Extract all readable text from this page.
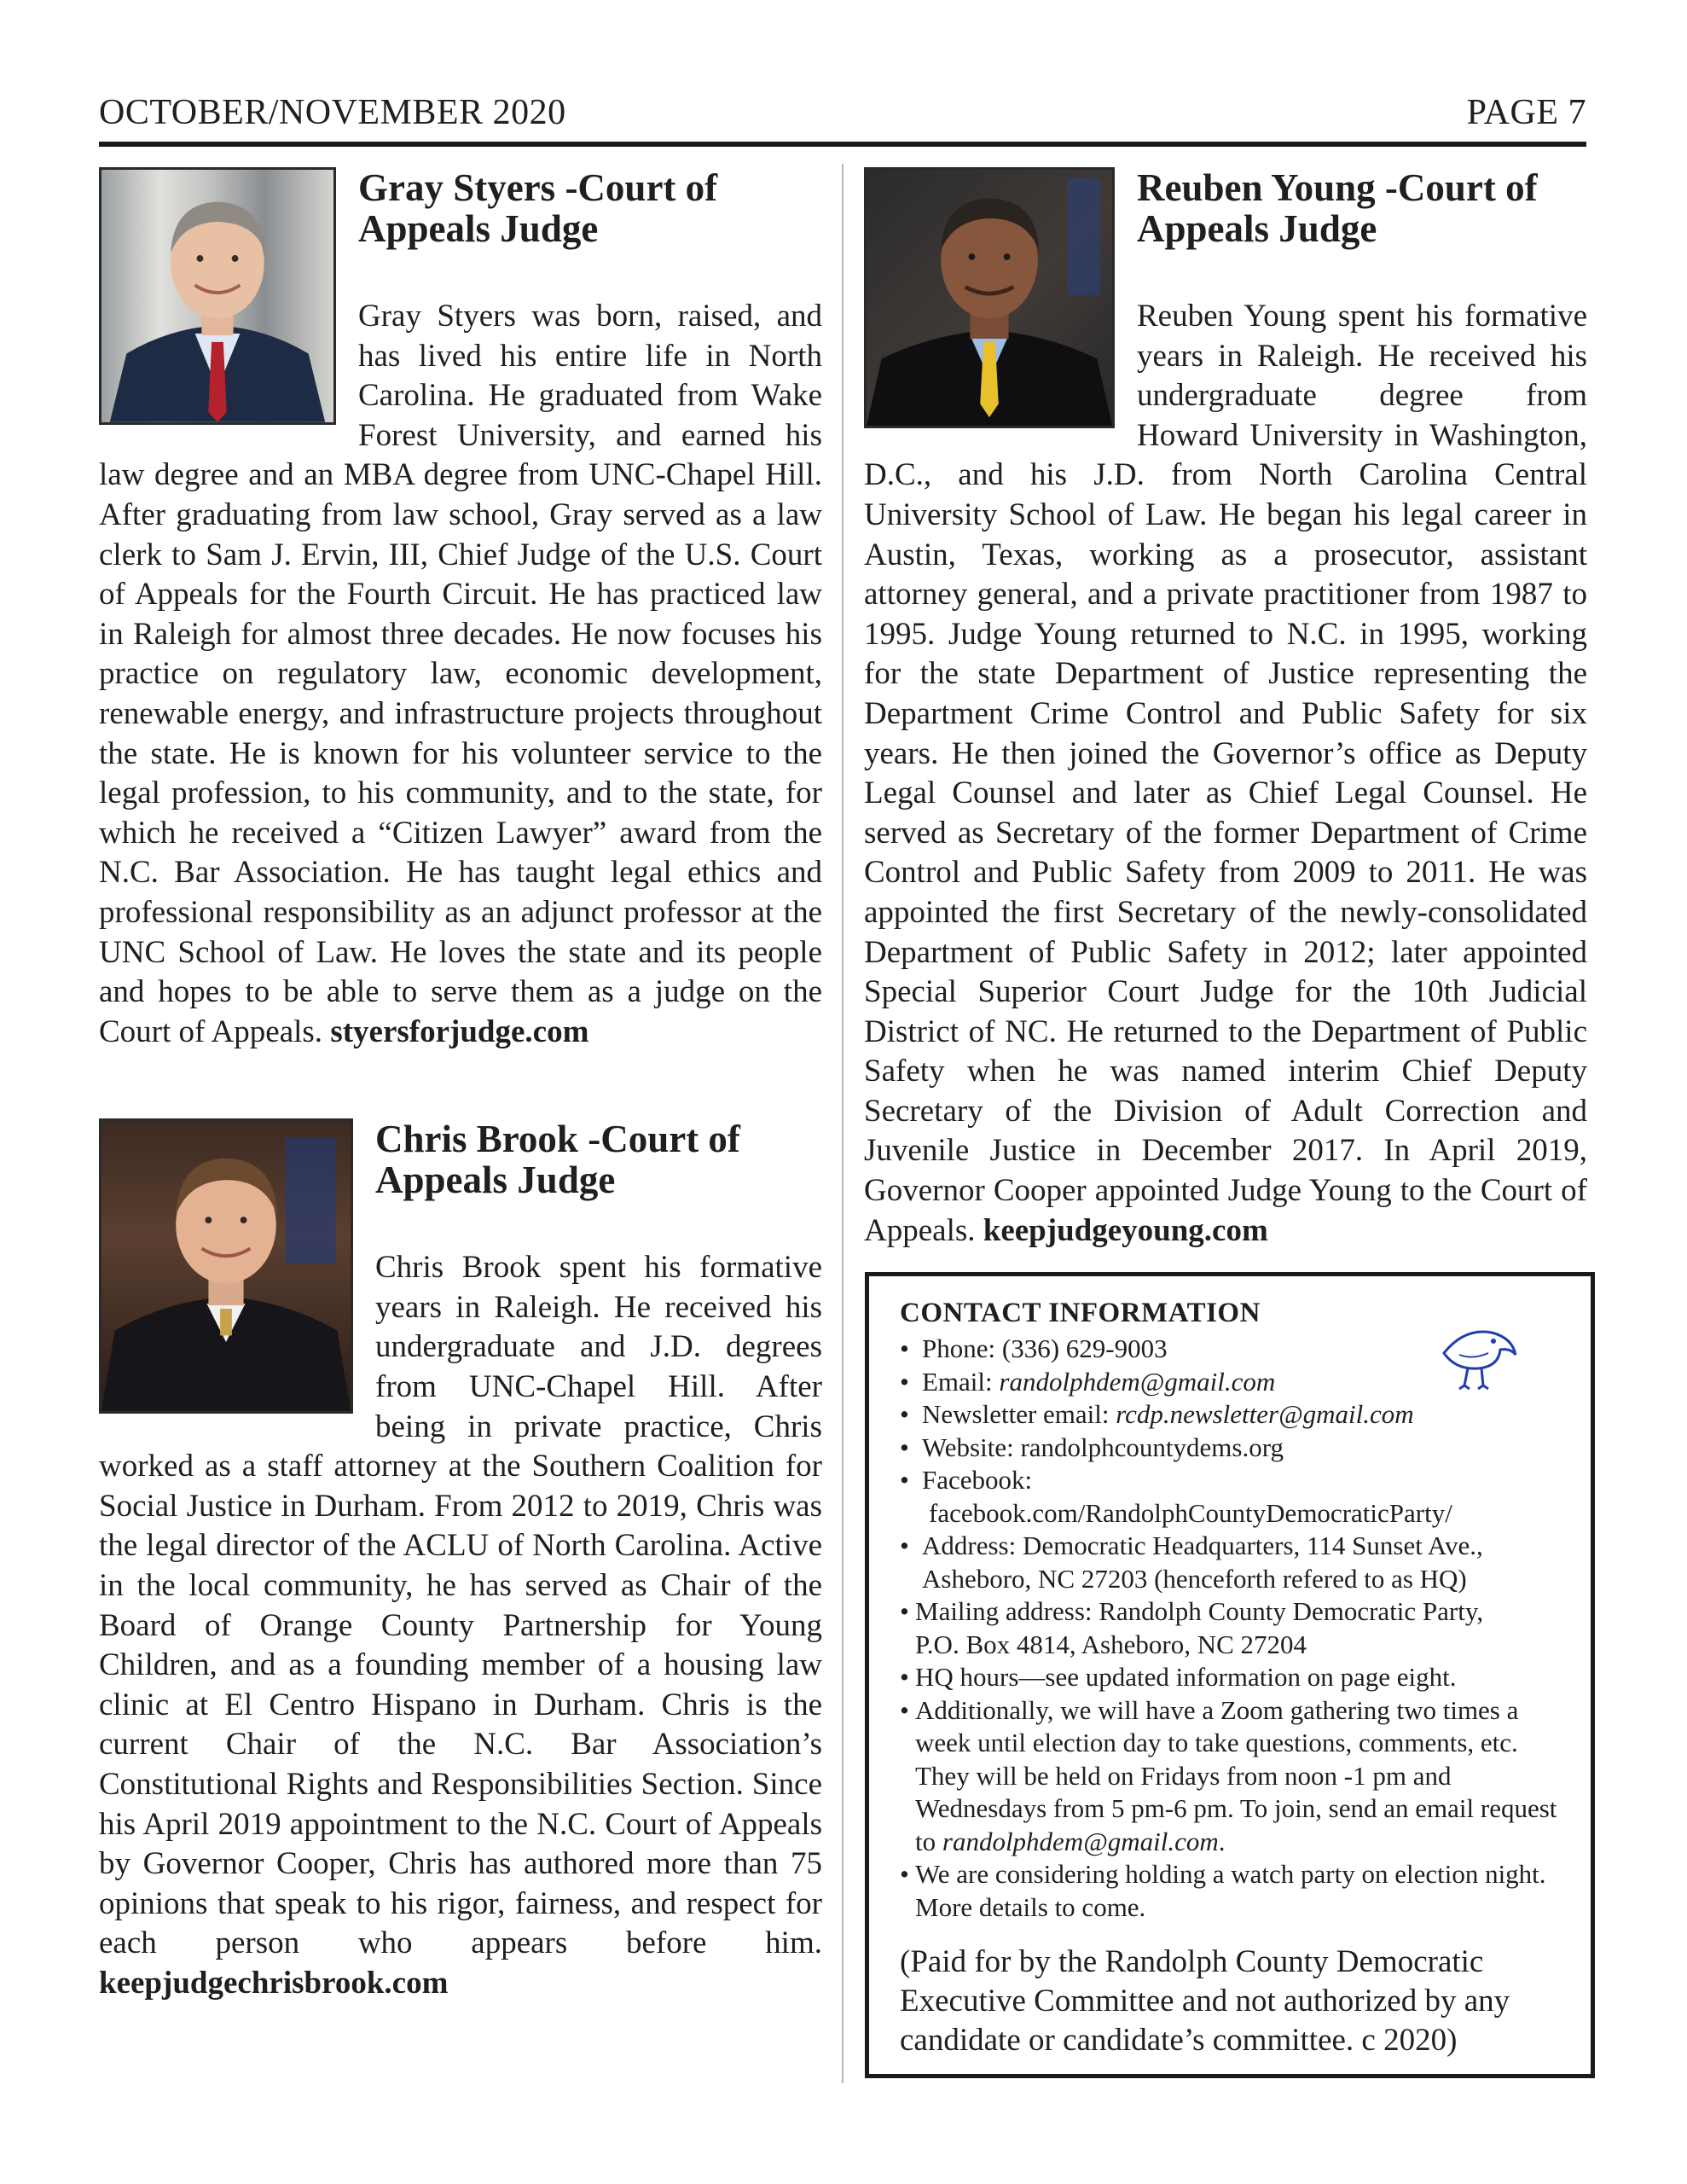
OCTOBER/NOVEMBER 2020	PAGE 7
Gray Styers -Court of Appeals Judge

Gray Styers was born, raised, and has lived his entire life in North Carolina. He graduated from Wake Forest University, and earned his law degree and an MBA degree from UNC-Chapel Hill. After graduating from law school, Gray served as a law clerk to Sam J. Ervin, III, Chief Judge of the U.S. Court of Appeals for the Fourth Circuit. He has practiced law in Raleigh for almost three decades. He now focuses his practice on regulatory law, economic development, renewable energy, and infrastructure projects throughout the state. He is known for his volunteer service to the legal profession, to his community, and to the state, for which he received a “Citizen Lawyer” award from the N.C. Bar Association. He has taught legal ethics and professional responsibility as an adjunct professor at the UNC School of Law. He loves the state and its people and hopes to be able to serve them as a judge on the Court of Appeals. styersforjudge.com

Chris Brook -Court of Appeals Judge

Chris Brook spent his formative years in Raleigh. He received his undergraduate and J.D. degrees from UNC-Chapel Hill. After being in private practice, Chris worked as a staff attorney at the Southern Coalition for Social Justice in Durham. From 2012 to 2019, Chris was the legal director of the ACLU of North Carolina. Active in the local community, he has served as Chair of the Board of Orange County Partnership for Young Children, and as a founding member of a housing law clinic at El Centro Hispano in Durham. Chris is the current Chair of the N.C. Bar Association’s Constitutional Rights and Responsibilities Section. Since his April 2019 appointment to the N.C. Court of Appeals by Governor Cooper, Chris has authored more than 75 opinions that speak to his rigor, fairness, and respect for each person who appears before him. keepjudgechrisbrook.com

Reuben Young -Court of Appeals Judge

Reuben Young spent his formative years in Raleigh. He received his undergraduate degree from Howard University in Washington, D.C., and his J.D. from North Carolina Central University School of Law. He began his legal career in Austin, Texas, working as a prosecutor, assistant attorney general, and a private practitioner from 1987 to 1995. Judge Young returned to N.C. in 1995, working for the state Department of Justice representing the Department Crime Control and Public Safety for six years. He then joined the Governor’s office as Deputy Legal Counsel and later as Chief Legal Counsel. He served as Secretary of the former Department of Crime Control and Public Safety from 2009 to 2011. He was appointed the first Secretary of the newly-consolidated Department of Public Safety in 2012; later appointed Special Superior Court Judge for the 10th Judicial District of NC. He returned to the Department of Public Safety when he was named interim Chief Deputy Secretary of the Division of Adult Correction and Juvenile Justice in December 2017. In April 2019, Governor Cooper appointed Judge Young to the Court of Appeals. keepjudgeyoung.com

CONTACT INFORMATION
• Phone: (336) 629-9003
• Email: randolphdem@gmail.com
• Newsletter email: rcdp.newsletter@gmail.com
• Website: randolphcountydems.org
• Facebook:
facebook.com/RandolphCountyDemocraticParty/
• Address: Democratic Headquarters, 114 Sunset Ave.,
Asheboro, NC 27203 (henceforth refered to as HQ)
• Mailing address: Randolph County Democratic Party,
P.O. Box 4814, Asheboro, NC 27204
• HQ hours—see updated information on page eight.
• Additionally, we will have a Zoom gathering two times a week until election day to take questions, comments, etc. They will be held on Fridays from noon -1 pm and Wednesdays from 5 pm-6 pm. To join, send an email request to randolphdem@gmail.com.
• We are considering holding a watch party on election night. More details to come.
(Paid for by the Randolph County Democratic Executive Committee and not authorized by any candidate or candidate’s committee. c 2020)
